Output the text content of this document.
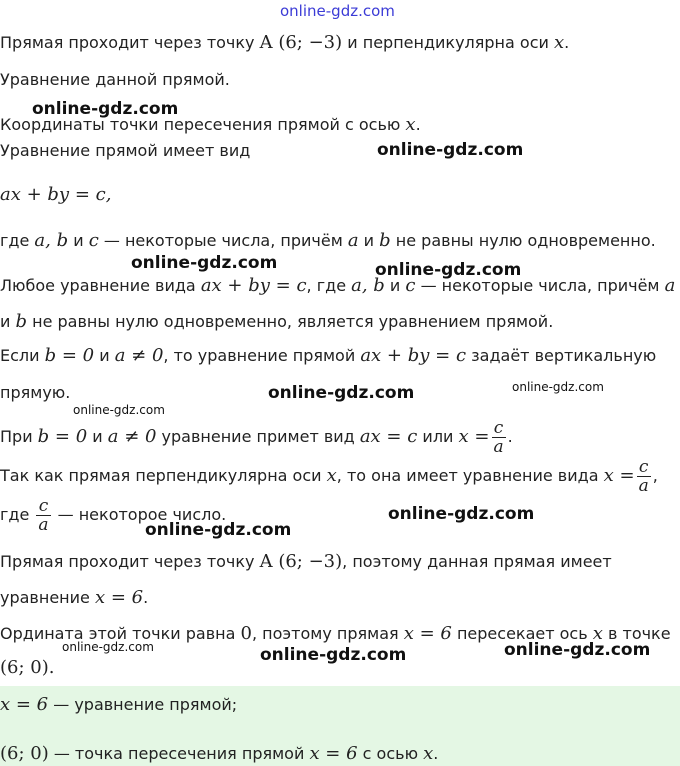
online-gdz.com
online-gdz.com
online-gdz.com
online-gdz.com	online-gdz.com
online-gdz.com	online-gdz.com
online-gdz.com
online-gdz.com
online-gdz.com
online-gdz.com	online-gdz.com	online-gdz.com
Прямая проходит через точку A (6; −3) и перпендикулярна оси x.
Уравнение данной прямой.
Координаты точки пересечения прямой с осью x.
Уравнение прямой имеет вид
ax + by = c,
где a, b и c — некоторые числа, причём a и b не равны нулю одновременно.
Любое уравнение вида ax + by = c, где a, b и c — некоторые числа, причём a
и b не равны нулю одновременно, является уравнением прямой.
Если b = 0 и a ≠ 0, то уравнение прямой ax + by = c задаёт вертикальную
прямую.
При b = 0 и a ≠ 0 уравнение примет вид ax = c или $x = \frac{c}{a}$ .
Так как прямая перпендикулярна оси x, то она имеет уравнение вида $x = \frac{c}{a}$ ,
где $\frac{c}{a}$ — некоторое число.
Прямая проходит через точку A (6; −3), поэтому данная прямая имеет
уравнение x = 6.
Ордината этой точки равна 0, поэтому прямая x = 6 пересекает ось x в точке
(6; 0).
x = 6 — уравнение прямой;
(6; 0) — точка пересечения прямой x = 6 с осью x.
